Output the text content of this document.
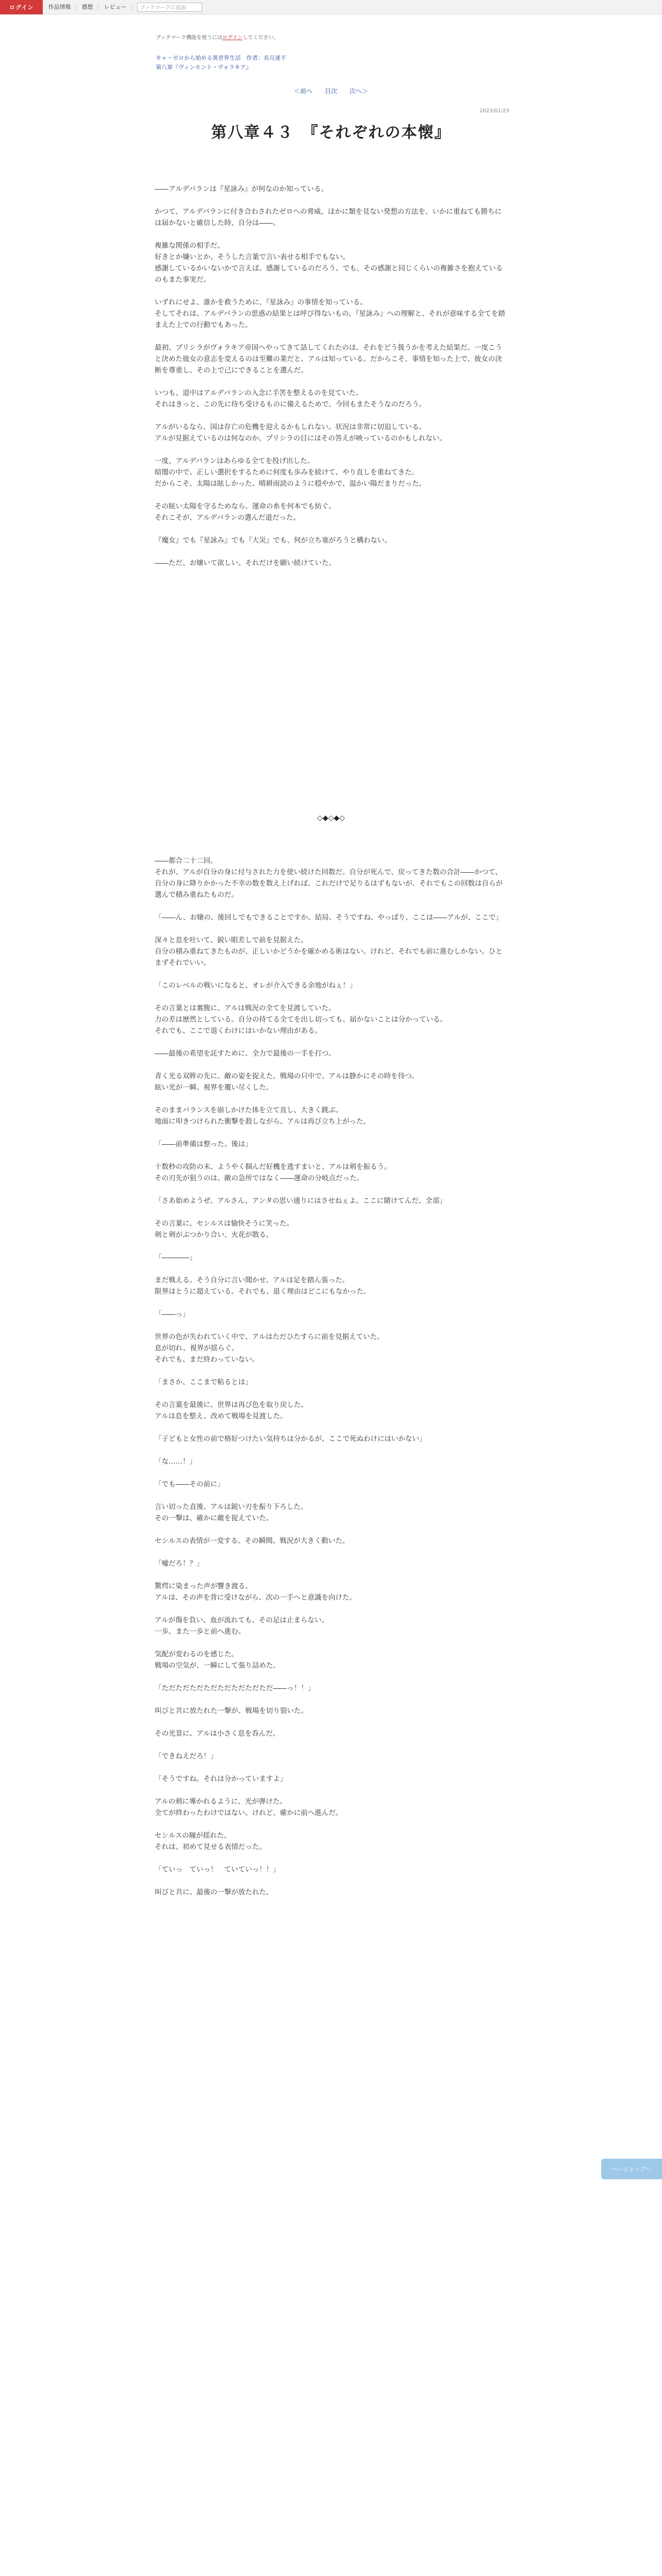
ログイン	作品情報	感想	レビュー	ブックマークに追加
ブックマーク機能を使うにはログインしてください。
キャ・ゼロから始める異世界生活　作者：長月達平
第八章『ヴィンセント・ヴォラキア』
＜前へ 目次 次へ＞
2023/01/23
第八章４３　『それぞれの本懐』

――アルデバランは『星詠み』が何なのか知っている。

かつて、アルデバランに付き合わされたゼロへの脅威、ほかに類を見ない発想の方法を、いかに重ねても勝ちには届かないと確信した時、自分は――。

複雑な関係の相手だ。
好きとか嫌いとか、そうした言葉で言い表せる相手でもない。
感謝しているかいないかで言えば、感謝しているのだろう。でも、その感謝と同じくらいの複雑さを抱えているのもまた事実だ。

いずれにせよ、誰かを救うために、『星詠み』の事情を知っている。
そしてそれは、アルデバランの思惑の結果とは呼び得ないもの、『星詠み』への理解と、それが意味する全てを踏まえた上での行動でもあった。

最初、プリシラがヴォラキア帝国へやってきて話してくれたのは、それをどう扱うかを考えた結果だ。一度こうと決めた彼女の意志を変えるのは至難の業だと、アルは知っている。だからこそ、事情を知った上で、彼女の決断を尊重し、その上で己にできることを選んだ。

いつも、道中はアルデバランの入念に手筈を整えるのを見ていた。
それはきっと、この先に待ち受けるものに備えるためで、今回もまたそうなのだろう。

アルがいるなら、国は存亡の危機を迎えるかもしれない。状況は非常に切迫している。
アルが見据えているのは何なのか、プリシラの目にはその答えが映っているのかもしれない。

一度、アルデバランはあらゆる全てを投げ出した。
暗闇の中で、正しい選択をするために何度も歩みを続けて、やり直しを重ねてきた。
だからこそ、太陽は眩しかった。晴耕雨読のように穏やかで、温かい陽だまりだった。

その眩い太陽を守るためなら、運命の糸を何本でも紡ぐ。
それこそが、アルデバランの選んだ道だった。

『魔女』でも『星詠み』でも『大災』でも、何が立ち塞がろうと構わない。

――ただ、お嬢いて欲しい。それだけを願い続けていた。

◇◆◇◆◇

――都合二十二回。
それが、アルが自分の身に付与された力を使い続けた回数だ。自分が死んで、戻ってきた数の合計――かつて、自分の身に降りかかった不幸の数を数え上げれば、これだけで足りるはずもないが、それでもこの回数は自らが選んで積み重ねたものだ。

「――ん、お嬢の、後回しでもできることですか。結局、そうですね、やっぱり、ここは――アルが、ここで」

深々と息を吐いて、鋭い眼差しで前を見据えた。
自分の積み重ねてきたものが、正しいかどうかを確かめる術はない。けれど、それでも前に進むしかない。ひとまずそれでいい。

「このレベルの戦いになると、オレが介入できる余地がねぇ！」

その言葉とは裏腹に、アルは戦況の全てを見渡していた。
力の差は歴然としている。自分の持てる全てを出し切っても、届かないことは分かっている。
それでも、ここで退くわけにはいかない理由がある。

――最後の希望を託すために、全力で最後の一手を打つ。

青く光る双眸の先に、敵の姿を捉えた。戦場の只中で、アルは静かにその時を待つ。
眩い光が一瞬、視界を覆い尽くした。

そのままバランスを崩しかけた体を立て直し、大きく跳ぶ。
地面に叩きつけられた衝撃を殺しながら、アルは再び立ち上がった。

「――前準備は整った。後は」

十数秒の攻防の末、ようやく掴んだ好機を逃すまいと、アルは剣を振るう。
その刃先が狙うのは、敵の急所ではなく――運命の分岐点だった。

「さあ始めようぜ。アルさん、アンタの思い通りにはさせねぇよ。ここに賭けてんだ、全部」

その言葉に、セシルスは愉快そうに笑った。
剣と剣がぶつかり合い、火花が散る。

「――――」

まだ戦える。そう自分に言い聞かせ、アルは足を踏ん張った。
限界はとうに超えている。それでも、退く理由はどこにもなかった。

「――っ」

世界の色が失われていく中で、アルはただひたすらに前を見据えていた。
息が切れ、視界が揺らぐ。
それでも、まだ終わっていない。

「まさか、ここまで粘るとは」

その言葉を最後に、世界は再び色を取り戻した。
アルは息を整え、改めて戦場を見渡した。

「子どもと女性の前で格好つけたい気持ちは分かるが、ここで死ぬわけにはいかない」

「な……！」

「でも――その前に」

言い切った直後、アルは鋭い刃を振り下ろした。
その一撃は、確かに敵を捉えていた。

セシルスの表情が一変する。その瞬間、戦況が大きく動いた。

「嘘だろ！？」

驚愕に染まった声が響き渡る。
アルは、その声を背に受けながら、次の一手へと意識を向けた。

アルが傷を負い、血が流れても、その足は止まらない。
一歩、また一歩と前へ進む。

気配が変わるのを感じた。
戦場の空気が、一瞬にして張り詰めた。

「ただただただただただただただただ――っ！！」

叫びと共に放たれた一撃が、戦場を切り裂いた。

その光景に、アルは小さく息を呑んだ。

「できねえだろ！」

「そうですね。それは分かっていますよ」

アルの剣に導かれるように、光が弾けた。
全てが終わったわけではない。けれど、確かに前へ進んだ。

セシルスの瞳が揺れた。
それは、初めて見せる表情だった。

「ていっ　ていっ！　ていていっ！！」

叫びと共に、最後の一撃が放たれた。

ページトップへ
